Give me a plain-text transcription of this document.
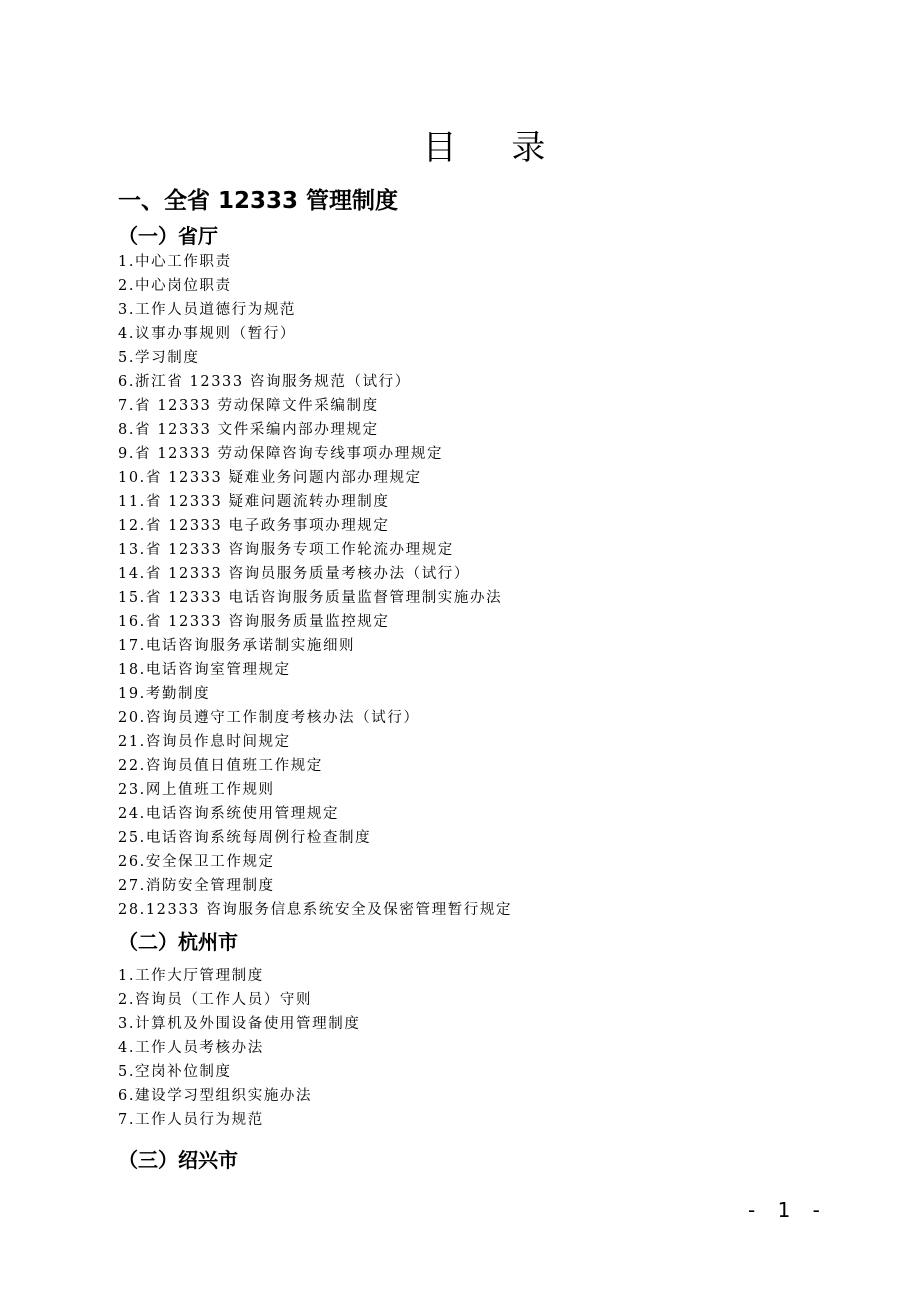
目 录
一、全省 12333 管理制度
（一）省厅
1.中心工作职责
2.中心岗位职责
3.工作人员道德行为规范
4.议事办事规则（暂行）
5.学习制度
6.浙江省 12333 咨询服务规范（试行）
7.省 12333 劳动保障文件采编制度
8.省 12333 文件采编内部办理规定
9.省 12333 劳动保障咨询专线事项办理规定
10.省 12333 疑难业务问题内部办理规定
11.省 12333 疑难问题流转办理制度
12.省 12333 电子政务事项办理规定
13.省 12333 咨询服务专项工作轮流办理规定
14.省 12333 咨询员服务质量考核办法（试行）
15.省 12333 电话咨询服务质量监督管理制实施办法
16.省 12333 咨询服务质量监控规定
17.电话咨询服务承诺制实施细则
18.电话咨询室管理规定
19.考勤制度
20.咨询员遵守工作制度考核办法（试行）
21.咨询员作息时间规定
22.咨询员值日值班工作规定
23.网上值班工作规则
24.电话咨询系统使用管理规定
25.电话咨询系统每周例行检查制度
26.安全保卫工作规定
27.消防安全管理制度
28.12333 咨询服务信息系统安全及保密管理暂行规定
（二）杭州市
1.工作大厅管理制度
2.咨询员（工作人员）守则
3.计算机及外围设备使用管理制度
4.工作人员考核办法
5.空岗补位制度
6.建设学习型组织实施办法
7.工作人员行为规范
（三）绍兴市
- 1 -
